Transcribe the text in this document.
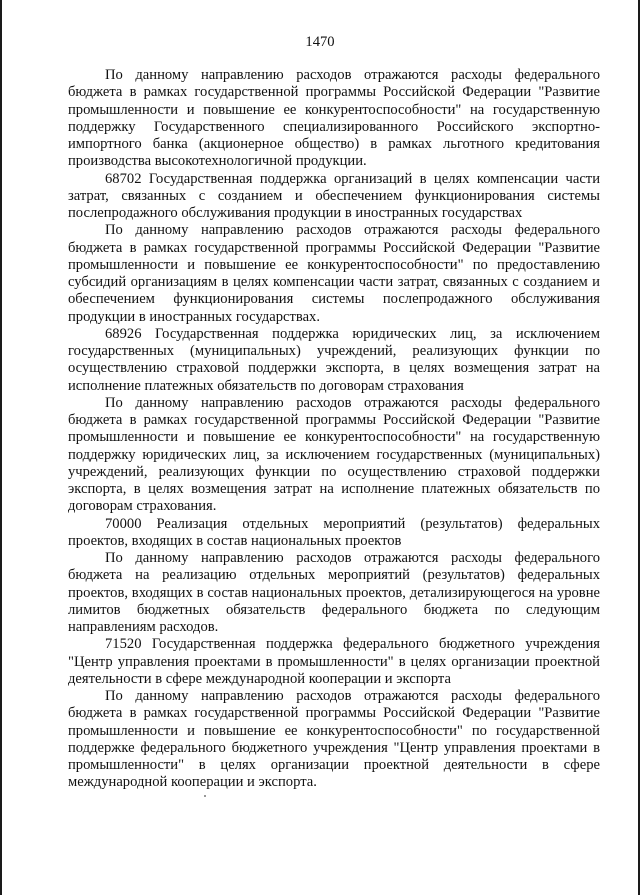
1470

По данному направлению расходов отражаются расходы федерального бюджета в рамках государственной программы Российской Федерации "Развитие промышленности и повышение ее конкурентоспособности" на государственную поддержку Государственного специализированного Российского экспортно-импортного банка (акционерное общество) в рамках льготного кредитования производства высокотехнологичной продукции.

68702 Государственная поддержка организаций в целях компенсации части затрат, связанных с созданием и обеспечением функционирования системы послепродажного обслуживания продукции в иностранных государствах

По данному направлению расходов отражаются расходы федерального бюджета в рамках государственной программы Российской Федерации "Развитие промышленности и повышение ее конкурентоспособности" по предоставлению субсидий организациям в целях компенсации части затрат, связанных с созданием и обеспечением функционирования системы послепродажного обслуживания продукции в иностранных государствах.

68926 Государственная поддержка юридических лиц, за исключением государственных (муниципальных) учреждений, реализующих функции по осуществлению страховой поддержки экспорта, в целях возмещения затрат на исполнение платежных обязательств по договорам страхования

По данному направлению расходов отражаются расходы федерального бюджета в рамках государственной программы Российской Федерации "Развитие промышленности и повышение ее конкурентоспособности" на государственную поддержку юридических лиц, за исключением государственных (муниципальных) учреждений, реализующих функции по осуществлению страховой поддержки экспорта, в целях возмещения затрат на исполнение платежных обязательств по договорам страхования.

70000 Реализация отдельных мероприятий (результатов) федеральных проектов, входящих в состав национальных проектов

По данному направлению расходов отражаются расходы федерального бюджета на реализацию отдельных мероприятий (результатов) федеральных проектов, входящих в состав национальных проектов, детализирующегося на уровне лимитов бюджетных обязательств федерального бюджета по следующим направлениям расходов.

71520 Государственная поддержка федерального бюджетного учреждения "Центр управления проектами в промышленности" в целях организации проектной деятельности в сфере международной кооперации и экспорта

По данному направлению расходов отражаются расходы федерального бюджета в рамках государственной программы Российской Федерации "Развитие промышленности и повышение ее конкурентоспособности" по государственной поддержке федерального бюджетного учреждения "Центр управления проектами в промышленности" в целях организации проектной деятельности в сфере международной кооперации и экспорта.
